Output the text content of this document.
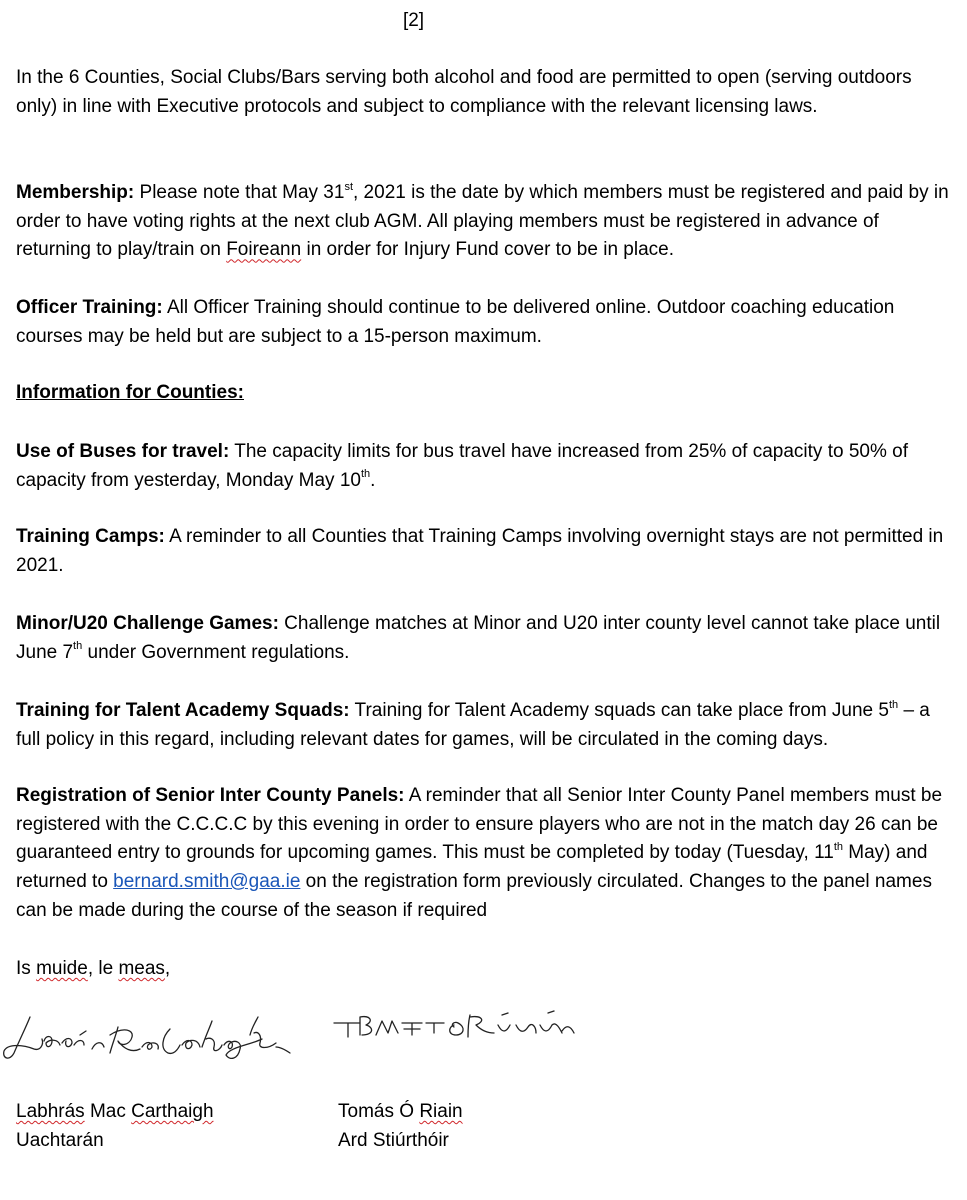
[2]

In the 6 Counties, Social Clubs/Bars serving both alcohol and food are permitted to open (serving outdoors only) in line with Executive protocols and subject to compliance with the relevant licensing laws.

Membership: Please note that May 31st, 2021 is the date by which members must be registered and paid by in order to have voting rights at the next club AGM. All playing members must be registered in advance of returning to play/train on Foireann in order for Injury Fund cover to be in place.

Officer Training: All Officer Training should continue to be delivered online. Outdoor coaching education courses may be held but are subject to a 15-person maximum.

Information for Counties:

Use of Buses for travel: The capacity limits for bus travel have increased from 25% of capacity to 50% of capacity from yesterday, Monday May 10th.

Training Camps: A reminder to all Counties that Training Camps involving overnight stays are not permitted in 2021.

Minor/U20 Challenge Games: Challenge matches at Minor and U20 inter county level cannot take place until June 7th under Government regulations.

Training for Talent Academy Squads: Training for Talent Academy squads can take place from June 5th – a full policy in this regard, including relevant dates for games, will be circulated in the coming days.

Registration of Senior Inter County Panels: A reminder that all Senior Inter County Panel members must be registered with the C.C.C.C by this evening in order to ensure players who are not in the match day 26 can be guaranteed entry to grounds for upcoming games. This must be completed by today (Tuesday, 11th May) and returned to bernard.smith@gaa.ie on the registration form previously circulated. Changes to the panel names can be made during the course of the season if required

Is muide, le meas,

Labhrás Mac Carthaigh
Uachtarán
Tomás Ó Riain
Ard Stiúrthóir
